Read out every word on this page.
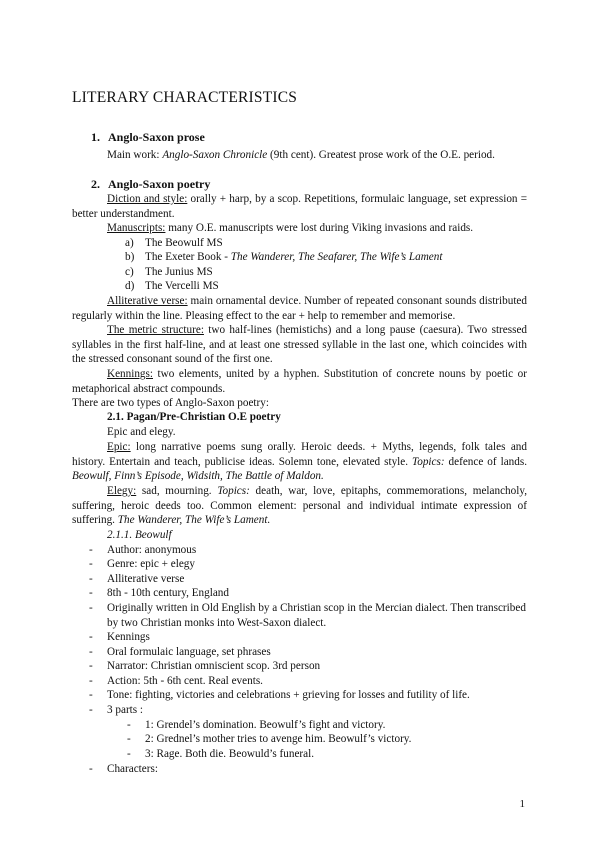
LITERARY CHARACTERISTICS
1. Anglo-Saxon prose
Main work: Anglo-Saxon Chronicle (9th cent). Greatest prose work of the O.E. period.
2. Anglo-Saxon poetry
Diction and style: orally + harp, by a scop. Repetitions, formulaic language, set expression = better understandment.
Manuscripts: many O.E. manuscripts were lost during Viking invasions and raids.
a) The Beowulf MS
b) The Exeter Book - The Wanderer, The Seafarer, The Wife’s Lament
c) The Junius MS
d) The Vercelli MS
Alliterative verse: main ornamental device. Number of repeated consonant sounds distributed regularly within the line. Pleasing effect to the ear + help to remember and memorise.
The metric structure: two half-lines (hemistichs) and a long pause (caesura). Two stressed syllables in the first half-line, and at least one stressed syllable in the last one, which coincides with the stressed consonant sound of the first one.
Kennings: two elements, united by a hyphen. Substitution of concrete nouns by poetic or metaphorical abstract compounds.
There are two types of Anglo-Saxon poetry:
2.1. Pagan/Pre-Christian O.E poetry
Epic and elegy.
Epic: long narrative poems sung orally. Heroic deeds. + Myths, legends, folk tales and history. Entertain and teach, publicise ideas. Solemn tone, elevated style. Topics: defence of lands. Beowulf, Finn’s Episode, Widsith, The Battle of Maldon.
Elegy: sad, mourning. Topics: death, war, love, epitaphs, commemorations, melancholy, suffering, heroic deeds too. Common element: personal and individual intimate expression of suffering. The Wanderer, The Wife’s Lament.
2.1.1. Beowulf
- Author: anonymous
- Genre: epic + elegy
- Alliterative verse
- 8th - 10th century, England
- Originally written in Old English by a Christian scop in the Mercian dialect. Then transcribed by two Christian monks into West-Saxon dialect.
- Kennings
- Oral formulaic language, set phrases
- Narrator: Christian omniscient scop. 3rd person
- Action: 5th - 6th cent. Real events.
- Tone: fighting, victories and celebrations + grieving for losses and futility of life.
- 3 parts :
- 1: Grendel’s domination. Beowulf’s fight and victory.
- 2: Grednel’s mother tries to avenge him. Beowulf’s victory.
- 3: Rage. Both die. Beowuld’s funeral.
- Characters:
1
